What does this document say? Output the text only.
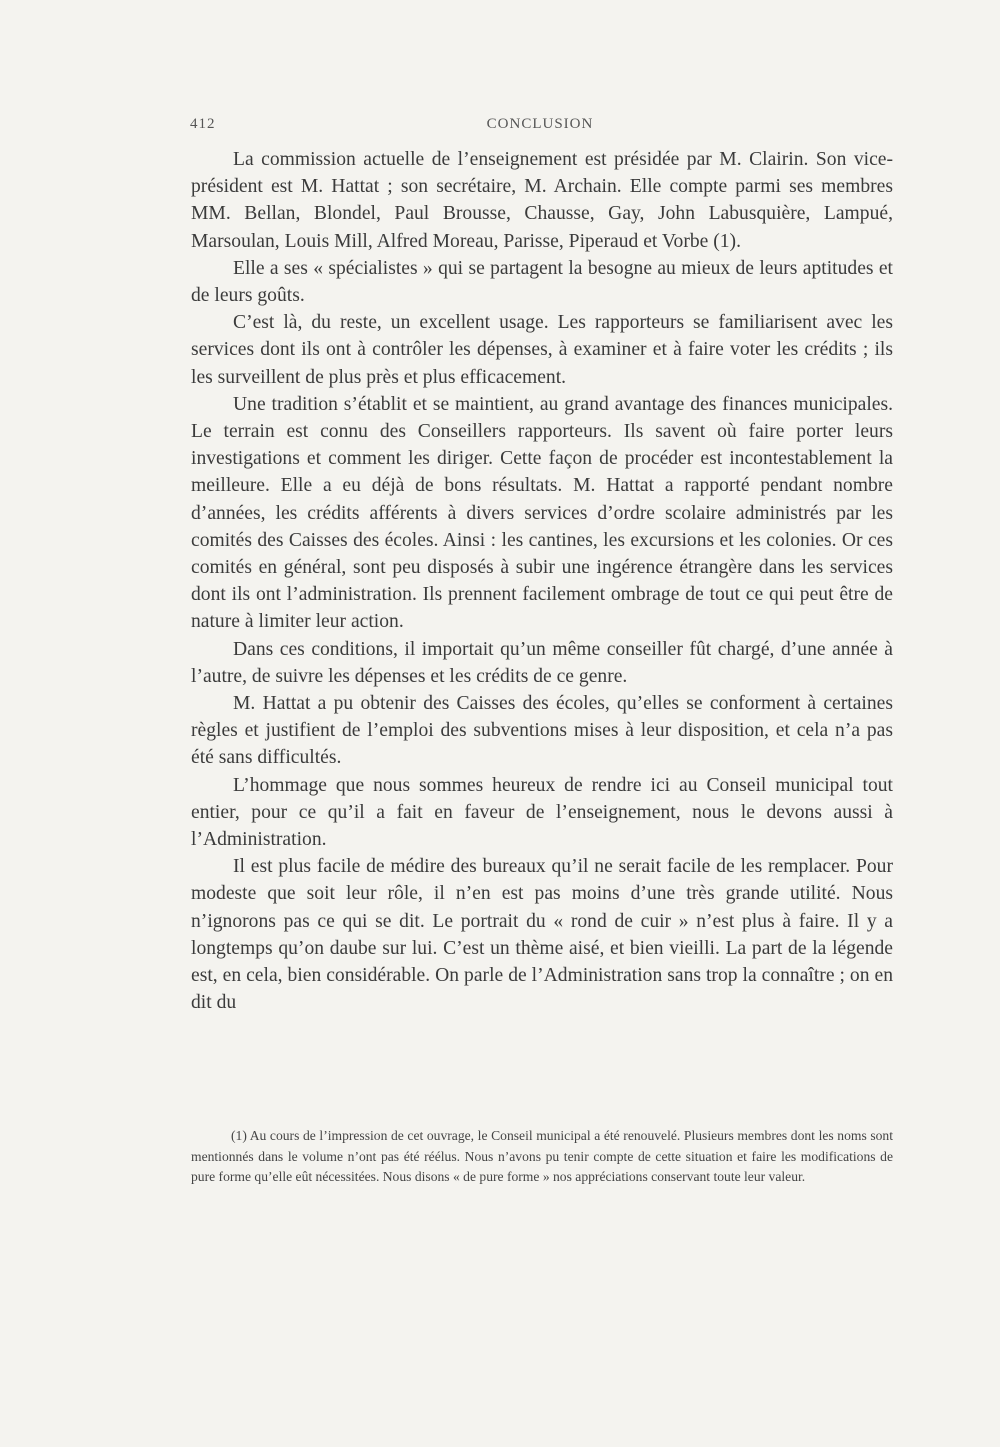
412	CONCLUSION

La commission actuelle de l’enseignement est présidée par M. Clairin. Son vice-président est M. Hattat ; son secrétaire, M. Archain. Elle compte parmi ses membres MM. Bellan, Blondel, Paul Brousse, Chausse, Gay, John Labusquière, Lampué, Marsoulan, Louis Mill, Alfred Moreau, Parisse, Piperaud et Vorbe (1).

Elle a ses « spécialistes » qui se partagent la besogne au mieux de leurs aptitudes et de leurs goûts.

C’est là, du reste, un excellent usage. Les rapporteurs se familiarisent avec les services dont ils ont à contrôler les dépenses, à examiner et à faire voter les crédits ; ils les surveillent de plus près et plus efficacement.

Une tradition s’établit et se maintient, au grand avantage des finances municipales. Le terrain est connu des Conseillers rapporteurs. Ils savent où faire porter leurs investigations et comment les diriger. Cette façon de procéder est incontestablement la meilleure. Elle a eu déjà de bons résultats. M. Hattat a rapporté pendant nombre d’années, les crédits afférents à divers services d’ordre scolaire administrés par les comités des Caisses des écoles. Ainsi : les cantines, les excursions et les colonies. Or ces comités en général, sont peu disposés à subir une ingérence étrangère dans les services dont ils ont l’administration. Ils prennent facilement ombrage de tout ce qui peut être de nature à limiter leur action.

Dans ces conditions, il importait qu’un même conseiller fût chargé, d’une année à l’autre, de suivre les dépenses et les crédits de ce genre.

M. Hattat a pu obtenir des Caisses des écoles, qu’elles se conforment à certaines règles et justifient de l’emploi des subventions mises à leur disposition, et cela n’a pas été sans difficultés.

L’hommage que nous sommes heureux de rendre ici au Conseil municipal tout entier, pour ce qu’il a fait en faveur de l’enseignement, nous le devons aussi à l’Administration.

Il est plus facile de médire des bureaux qu’il ne serait facile de les remplacer. Pour modeste que soit leur rôle, il n’en est pas moins d’une très grande utilité. Nous n’ignorons pas ce qui se dit. Le portrait du « rond de cuir » n’est plus à faire. Il y a longtemps qu’on daube sur lui. C’est un thème aisé, et bien vieilli. La part de la légende est, en cela, bien considérable. On parle de l’Administration sans trop la connaître ; on en dit du

(1) Au cours de l’impression de cet ouvrage, le Conseil municipal a été renouvelé. Plusieurs membres dont les noms sont mentionnés dans le volume n’ont pas été réélus. Nous n’avons pu tenir compte de cette situation et faire les modifications de pure forme qu’elle eût nécessitées. Nous disons « de pure forme » nos appréciations conservant toute leur valeur.
